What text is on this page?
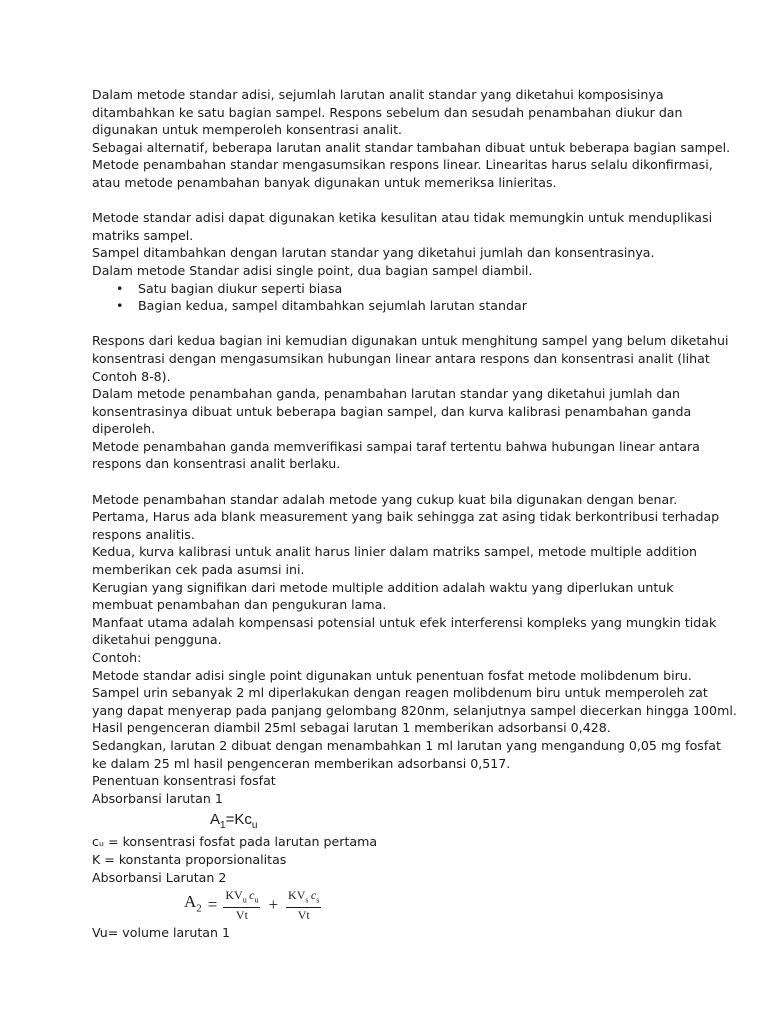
Dalam metode standar adisi, sejumlah larutan analit standar yang diketahui komposisinya
ditambahkan ke satu bagian sampel. Respons sebelum dan sesudah penambahan diukur dan
digunakan untuk memperoleh konsentrasi analit.
Sebagai alternatif, beberapa larutan analit standar tambahan dibuat untuk beberapa bagian sampel.
Metode penambahan standar mengasumsikan respons linear. Linearitas harus selalu dikonfirmasi,
atau metode penambahan banyak digunakan untuk memeriksa linieritas.
Metode standar adisi dapat digunakan ketika kesulitan atau tidak memungkin untuk menduplikasi
matriks sampel.
Sampel ditambahkan dengan larutan standar yang diketahui jumlah dan konsentrasinya.
Dalam metode Standar adisi single point, dua bagian sampel diambil.
• Satu bagian diukur seperti biasa
• Bagian kedua, sampel ditambahkan sejumlah larutan standar
Respons dari kedua bagian ini kemudian digunakan untuk menghitung sampel yang belum diketahui
konsentrasi dengan mengasumsikan hubungan linear antara respons dan konsentrasi analit (lihat
Contoh 8-8).
Dalam metode penambahan ganda, penambahan larutan standar yang diketahui jumlah dan
konsentrasinya dibuat untuk beberapa bagian sampel, dan kurva kalibrasi penambahan ganda
diperoleh.
Metode penambahan ganda memverifikasi sampai taraf tertentu bahwa hubungan linear antara
respons dan konsentrasi analit berlaku.
Metode penambahan standar adalah metode yang cukup kuat bila digunakan dengan benar.
Pertama, Harus ada blank measurement yang baik sehingga zat asing tidak berkontribusi terhadap
respons analitis.
Kedua, kurva kalibrasi untuk analit harus linier dalam matriks sampel, metode multiple addition
memberikan cek pada asumsi ini.
Kerugian yang signifikan dari metode multiple addition adalah waktu yang diperlukan untuk
membuat penambahan dan pengukuran lama.
Manfaat utama adalah kompensasi potensial untuk efek interferensi kompleks yang mungkin tidak
diketahui pengguna.
Contoh:
Metode standar adisi single point digunakan untuk penentuan fosfat metode molibdenum biru.
Sampel urin sebanyak 2 ml diperlakukan dengan reagen molibdenum biru untuk memperoleh zat
yang dapat menyerap pada panjang gelombang 820nm, selanjutnya sampel diecerkan hingga 100ml.
Hasil pengenceran diambil 25ml sebagai larutan 1 memberikan adsorbansi 0,428.
Sedangkan, larutan 2 dibuat dengan menambahkan 1 ml larutan yang mengandung 0,05 mg fosfat
ke dalam 25 ml hasil pengenceran memberikan adsorbansi 0,517.
Penentuan konsentrasi fosfat
Absorbansi larutan 1
$A_1=Kc_u$
cᵤ = konsentrasi fosfat pada larutan pertama
K = konstanta proporsionalitas
Absorbansi Larutan 2
$A_2 = \frac{KV_u c_u}{Vt} + \frac{KV_s c_s}{Vt}$
Vu= volume larutan 1
